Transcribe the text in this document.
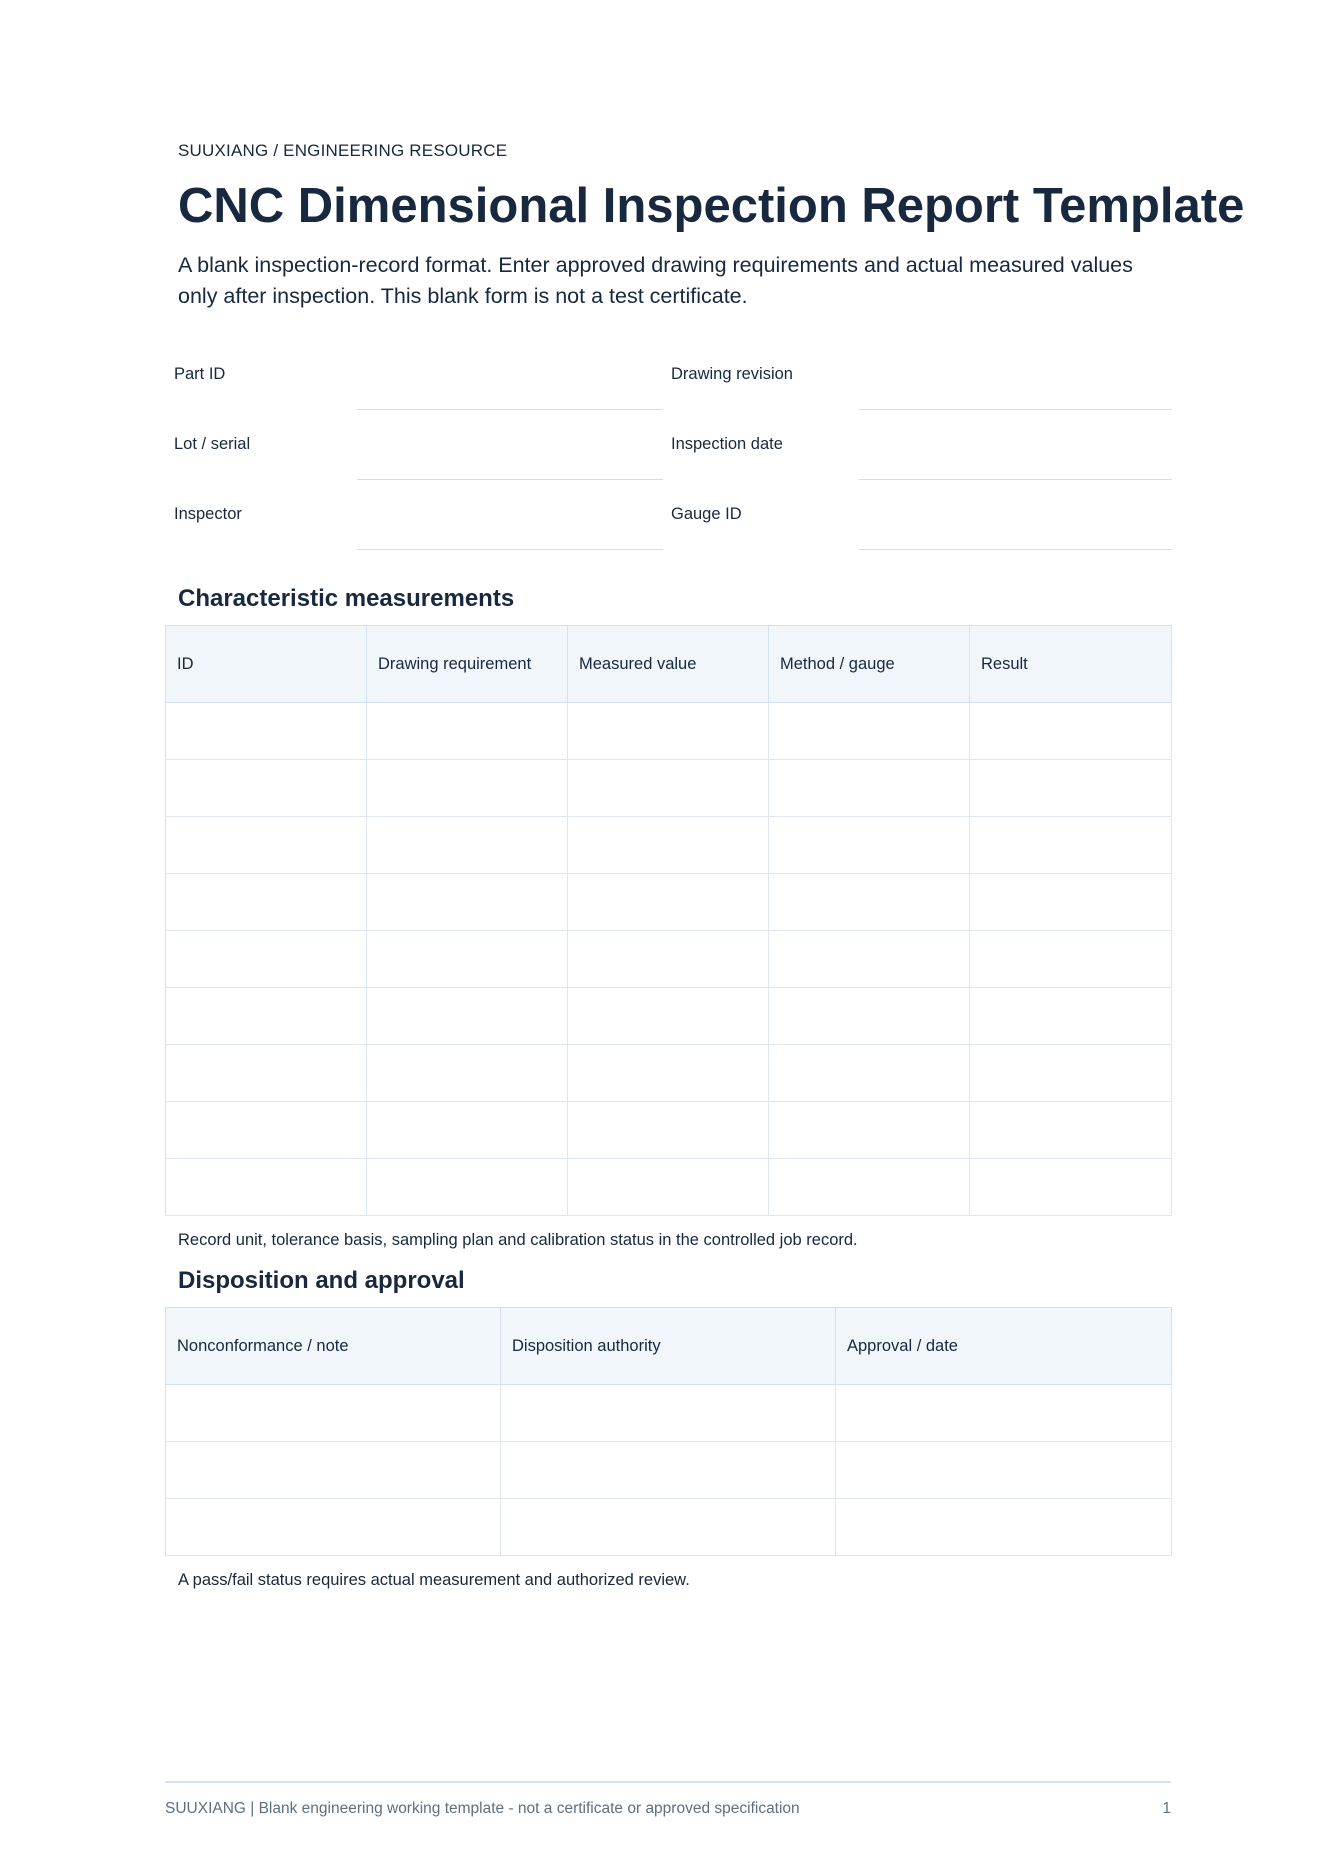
SUUXIANG / ENGINEERING RESOURCE
CNC Dimensional Inspection Report Template
A blank inspection-record format. Enter approved drawing requirements and actual measured values only after inspection. This blank form is not a test certificate.
Part ID	Drawing revision
Lot / serial	Inspection date
Inspector	Gauge ID
Characteristic measurements
ID	Drawing requirement	Measured value	Method / gauge	Result

Record unit, tolerance basis, sampling plan and calibration status in the controlled job record.
Disposition and approval
Nonconformance / note	Disposition authority	Approval / date

A pass/fail status requires actual measurement and authorized review.
SUUXIANG | Blank engineering working template - not a certificate or approved specification	1
